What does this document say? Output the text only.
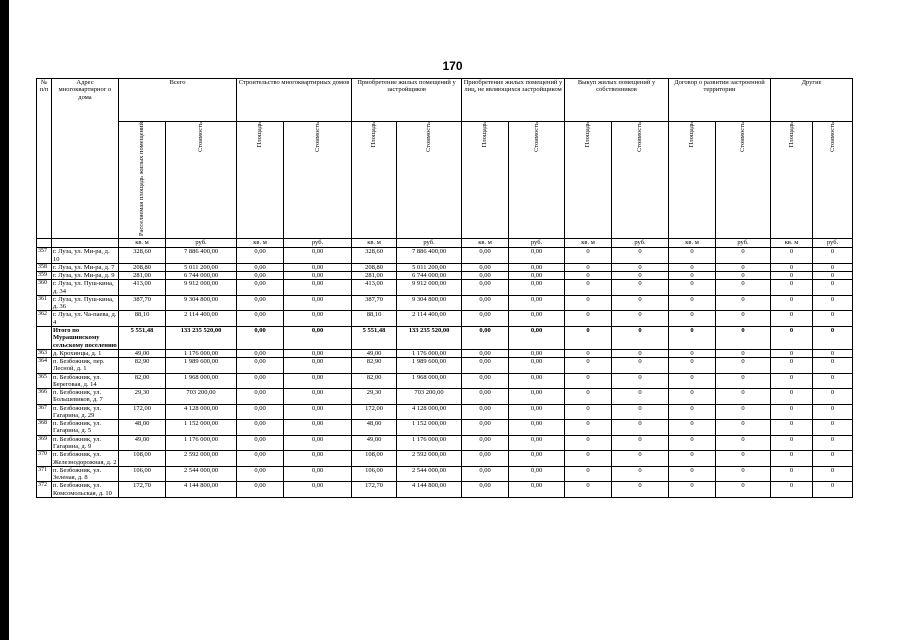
170
№ п/п	Адрес многоквартирног о дома	Всего		Строительство многоквартирных домов		Приобретение жилых помещений у застройщиков		Приобретение жилых помещений у лиц, не являющихся застройщиком		Выкуп жилых помещений у собственников		Договор о развитии застроенной территории		Другие	
		Расселяемая площадь жилых помещений	Стоимость	Площадь	Стоимость	Площадь	Стоимость	Площадь	Стоимость	Площадь	Стоимость	Площадь	Стоимость	Площадь	Стоимость
		кв. м	руб.	кв. м	руб.	кв. м	руб.	кв. м	руб.	кв. м	руб.	кв. м	руб.	кв. м	руб.
357	г. Луза, ул. Ми-ра, д. 10	328,60	7 886 400,00	0,00	0,00	328,60	7 886 400,00	0,00	0,00	0	0	0	0	0	0
358	г. Луза, ул. Ми-ра, д. 7	208,80	5 011 200,00	0,00	0,00	208,80	5 011 200,00	0,00	0,00	0	0	0	0	0	0
359	г. Луза, ул. Ми-ра, д. 9	281,00	6 744 000,00	0,00	0,00	281,00	6 744 000,00	0,00	0,00	0	0	0	0	0	0
360	г. Луза, ул. Пуш-кина, д. 34	413,00	9 912 000,00	0,00	0,00	413,00	9 912 000,00	0,00	0,00	0	0	0	0	0	0
361	г. Луза, ул. Пуш-кина, д. 36	387,70	9 304 800,00	0,00	0,00	387,70	9 304 800,00	0,00	0,00	0	0	0	0	0	0
362	г. Луза, ул. Ча-паева, д. 4	88,10	2 114 400,00	0,00	0,00	88,10	2 114 400,00	0,00	0,00	0	0	0	0	0	0
	Итого по Мурашинскому сельскому поселению	5 551,48	133 235 520,00	0,00	0,00	5 551,48	133 235 520,00	0,00	0,00	0	0	0	0	0	0
363	д. Крохинцы, д. 1	49,00	1 176 000,00	0,00	0,00	49,00	1 176 000,00	0,00	0,00	0	0	0	0	0	0
364	п. Безбожник, пер. Лесной, д. 1	82,90	1 989 600,00	0,00	0,00	82,90	1 989 600,00	0,00	0,00	0	0	0	0	0	0
365	п. Безбожник, ул. Береговая, д. 14	82,00	1 968 000,00	0,00	0,00	82,00	1 968 000,00	0,00	0,00	0	0	0	0	0	0
366	п. Безбожник, ул. Большевиков, д. 7	29,30	703 200,00	0,00	0,00	29,30	703 200,00	0,00	0,00	0	0	0	0	0	0
367	п. Безбожник, ул. Гагарина, д. 29	172,00	4 128 000,00	0,00	0,00	172,00	4 128 000,00	0,00	0,00	0	0	0	0	0	0
368	п. Безбожник, ул. Гагарина, д. 5	48,00	1 152 000,00	0,00	0,00	48,00	1 152 000,00	0,00	0,00	0	0	0	0	0	0
369	п. Безбожник, ул. Гагарина, д. 9	49,00	1 176 000,00	0,00	0,00	49,00	1 176 000,00	0,00	0,00	0	0	0	0	0	0
370	п. Безбожник, ул. Железнодорожная, д. 2	108,00	2 592 000,00	0,00	0,00	108,00	2 592 000,00	0,00	0,00	0	0	0	0	0	0
371	п. Безбожник, ул. Зеленая, д. 8	106,00	2 544 000,00	0,00	0,00	106,00	2 544 000,00	0,00	0,00	0	0	0	0	0	0
372	п. Безбожник, ул. Комсомольская, д. 10	172,70	4 144 800,00	0,00	0,00	172,70	4 144 800,00	0,00	0,00	0	0	0	0	0	0
